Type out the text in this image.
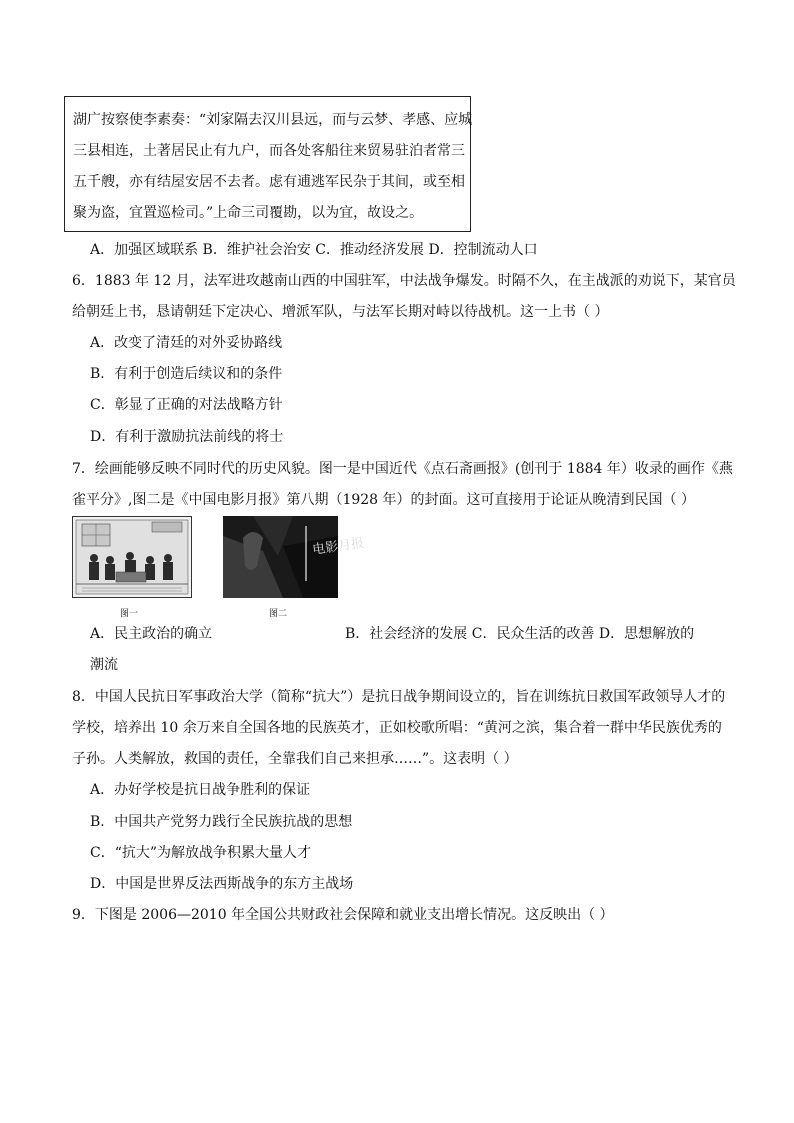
湖广按察使李素奏：“刘家隔去汉川县远，而与云梦、孝感、应城
三县相连，土著居民止有九户，而各处客船往来贸易驻泊者常三
五千艘，亦有结屋安居不去者。虑有逋逃军民杂于其间，或至相
聚为盗，宜置巡检司。”上命三司覆勘，以为宜，故设之。
A．加强区域联系 B．维护社会治安 C．推动经济发展 D．控制流动人口
6．1883 年 12 月，法军进攻越南山西的中国驻军，中法战争爆发。时隔不久，在主战派的劝说下，某官员
给朝廷上书，恳请朝廷下定决心、增派军队，与法军长期对峙以待战机。这一上书（ ）
A．改变了清廷的对外妥协路线
B．有利于创造后续议和的条件
C．彰显了正确的对法战略方针
D．有利于激励抗法前线的将士
7．绘画能够反映不同时代的历史风貌。图一是中国近代《点石斋画报》(创刊于 1884 年）收录的画作《燕
雀平分》,图二是《中国电影月报》第八期（1928 年）的封面。这可直接用于论证从晚清到民国（ ）
图一
电影月报
图二
A．民主政治的确立	B．社会经济的发展 C．民众生活的改善 D．思想解放的
潮流
8．中国人民抗日军事政治大学（简称“抗大”）是抗日战争期间设立的，旨在训练抗日救国军政领导人才的
学校，培养出 10 余万来自全国各地的民族英才，正如校歌所唱：“黄河之滨，集合着一群中华民族优秀的
子孙。人类解放，救国的责任，全靠我们自己来担承……”。这表明（ ）
A．办好学校是抗日战争胜利的保证
B．中国共产党努力践行全民族抗战的思想
C．“抗大”为解放战争积累大量人才
D．中国是世界反法西斯战争的东方主战场
9．下图是 2006—2010 年全国公共财政社会保障和就业支出增长情况。这反映出（ ）
